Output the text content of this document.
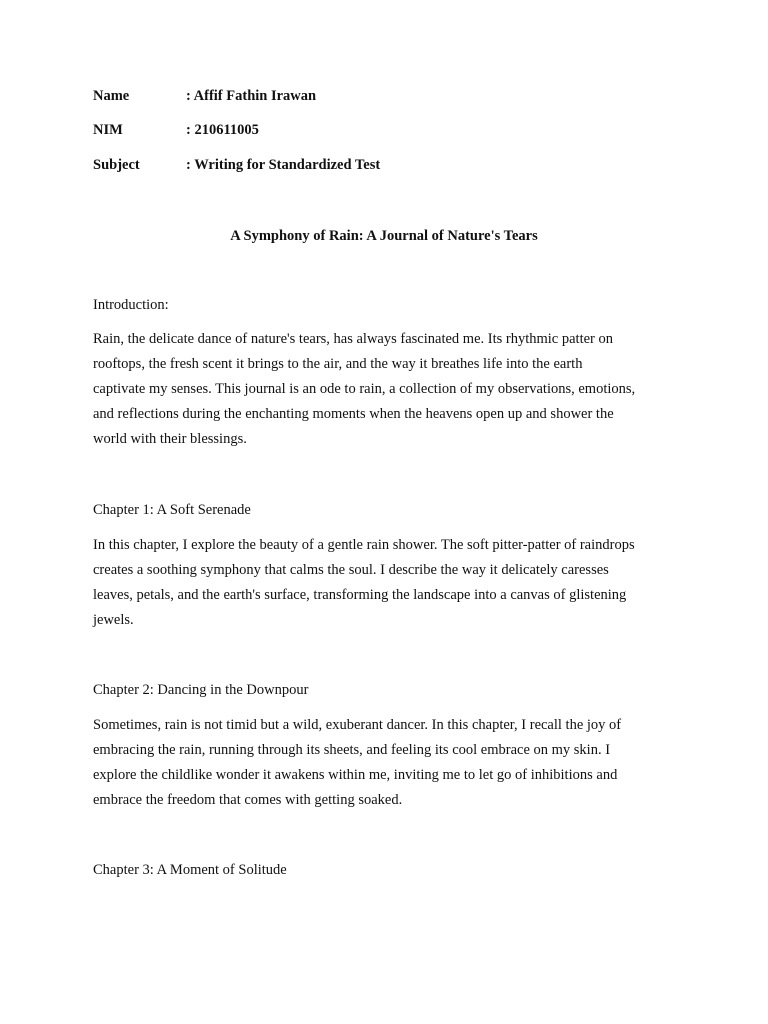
Name	: Affif Fathin Irawan
NIM	: 210611005
Subject	: Writing for Standardized Test
A Symphony of Rain: A Journal of Nature's Tears
Introduction:
Rain, the delicate dance of nature's tears, has always fascinated me. Its rhythmic patter on
rooftops, the fresh scent it brings to the air, and the way it breathes life into the earth
captivate my senses. This journal is an ode to rain, a collection of my observations, emotions,
and reflections during the enchanting moments when the heavens open up and shower the
world with their blessings.
Chapter 1: A Soft Serenade
In this chapter, I explore the beauty of a gentle rain shower. The soft pitter-patter of raindrops
creates a soothing symphony that calms the soul. I describe the way it delicately caresses
leaves, petals, and the earth's surface, transforming the landscape into a canvas of glistening
jewels.
Chapter 2: Dancing in the Downpour
Sometimes, rain is not timid but a wild, exuberant dancer. In this chapter, I recall the joy of
embracing the rain, running through its sheets, and feeling its cool embrace on my skin. I
explore the childlike wonder it awakens within me, inviting me to let go of inhibitions and
embrace the freedom that comes with getting soaked.
Chapter 3: A Moment of Solitude
